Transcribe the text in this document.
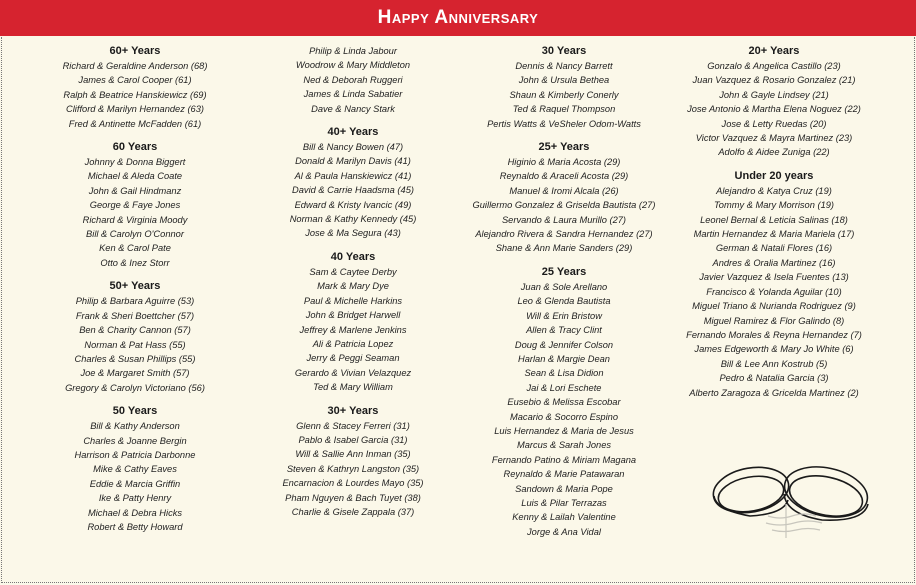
Happy Anniversary
60+ Years
Richard & Geraldine Anderson (68)
James & Carol Cooper (61)
Ralph & Beatrice Hanskiewicz (69)
Clifford & Marilyn Hernandez (63)
Fred & Antinette McFadden (61)
60 Years
Johnny & Donna Biggert
Michael & Aleda Coate
John & Gail Hindmanz
George & Faye Jones
Richard & Virginia Moody
Bill & Carolyn O'Connor
Ken & Carol Pate
Otto & Inez Storr
50+ Years
Philip & Barbara Aguirre (53)
Frank & Sheri Boettcher (57)
Ben & Charity Cannon (57)
Norman & Pat Hass (55)
Charles & Susan Phillips (55)
Joe & Margaret Smith (57)
Gregory & Carolyn Victoriano (56)
50 Years
Bill & Kathy Anderson
Charles & Joanne Bergin
Harrison & Patricia Darbonne
Mike & Cathy Eaves
Eddie & Marcia Griffin
Ike & Patty Henry
Michael & Debra Hicks
Robert & Betty Howard
Philip & Linda Jabour
Woodrow & Mary Middleton
Ned & Deborah Ruggeri
James & Linda Sabatier
Dave & Nancy Stark
40+ Years
Bill & Nancy Bowen (47)
Donald & Marilyn Davis (41)
Al & Paula Hanskiewicz (41)
David & Carrie Haadsma (45)
Edward & Kristy Ivancic (49)
Norman & Kathy Kennedy (45)
Jose & Ma Segura (43)
40 Years
Sam & Caytee Derby
Mark & Mary Dye
Paul & Michelle Harkins
John & Bridget Harwell
Jeffrey & Marlene Jenkins
Ali & Patricia Lopez
Jerry & Peggi Seaman
Gerardo & Vivian Velazquez
Ted & Mary William
30+ Years
Glenn & Stacey Ferreri (31)
Pablo & Isabel Garcia (31)
Will & Sallie Ann Inman (35)
Steven & Kathryn Langston (35)
Encarnacion & Lourdes Mayo (35)
Pham Nguyen & Bach Tuyet (38)
Charlie & Gisele Zappala (37)
30 Years
Dennis & Nancy Barrett
John & Ursula Bethea
Shaun & Kimberly Conerly
Ted & Raquel Thompson
Pertis Watts & VeSheler Odom-Watts
25+ Years
Higinio & Maria Acosta (29)
Reynaldo & Araceli Acosta (29)
Manuel & Iromi Alcala (26)
Guillermo Gonzalez & Griselda Bautista (27)
Servando & Laura Murillo (27)
Alejandro Rivera & Sandra Hernandez (27)
Shane & Ann Marie Sanders (29)
25 Years
Juan & Sole Arellano
Leo & Glenda Bautista
Will & Erin Bristow
Allen & Tracy Clint
Doug & Jennifer Colson
Harlan & Margie Dean
Sean & Lisa Didion
Jai & Lori Eschete
Eusebio & Melissa Escobar
Macario & Socorro Espino
Luis Hernandez & Maria de Jesus
Marcus & Sarah Jones
Fernando Patino & Miriam Magana
Reynaldo & Marie Patawaran
Sandown & Maria Pope
Luis & Pilar Terrazas
Kenny & Lailah Valentine
Jorge & Ana Vidal
20+ Years
Gonzalo & Angelica Castillo (23)
Juan Vazquez & Rosario Gonzalez (21)
John & Gayle Lindsey (21)
Jose Antonio & Martha Elena Noguez (22)
Jose & Letty Ruedas (20)
Victor Vazquez & Mayra Martinez (23)
Adolfo & Aidee Zuniga (22)
Under 20 years
Alejandro & Katya Cruz (19)
Tommy & Mary Morrison (19)
Leonel Bernal & Leticia Salinas (18)
Martin Hernandez & Maria Mariela (17)
German & Natali Flores (16)
Andres & Oralia Martinez (16)
Javier Vazquez & Isela Fuentes (13)
Francisco & Yolanda Aguilar (10)
Miguel Triano & Nurianda Rodriguez (9)
Miguel Ramirez & Flor Galindo (8)
Fernando Morales & Reyna Hernandez (7)
James Edgeworth & Mary Jo White (6)
Bill & Lee Ann Kostrub (5)
Pedro & Natalia Garcia (3)
Alberto Zaragoza & Gricelda Martinez (2)
